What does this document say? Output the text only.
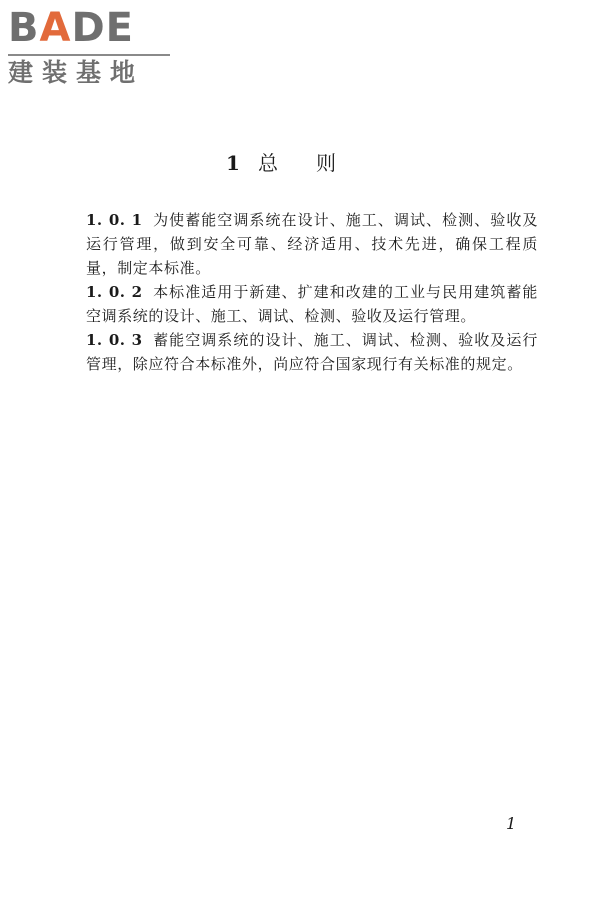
BADE
建装基地
1 总则

1. 0. 1 为使蓄能空调系统在设计、施工、调试、检测、验收及运行管理，做到安全可靠、经济适用、技术先进，确保工程质量，制定本标准。

1. 0. 2 本标准适用于新建、扩建和改建的工业与民用建筑蓄能空调系统的设计、施工、调试、检测、验收及运行管理。

1. 0. 3 蓄能空调系统的设计、施工、调试、检测、验收及运行管理，除应符合本标准外，尚应符合国家现行有关标准的规定。

1
